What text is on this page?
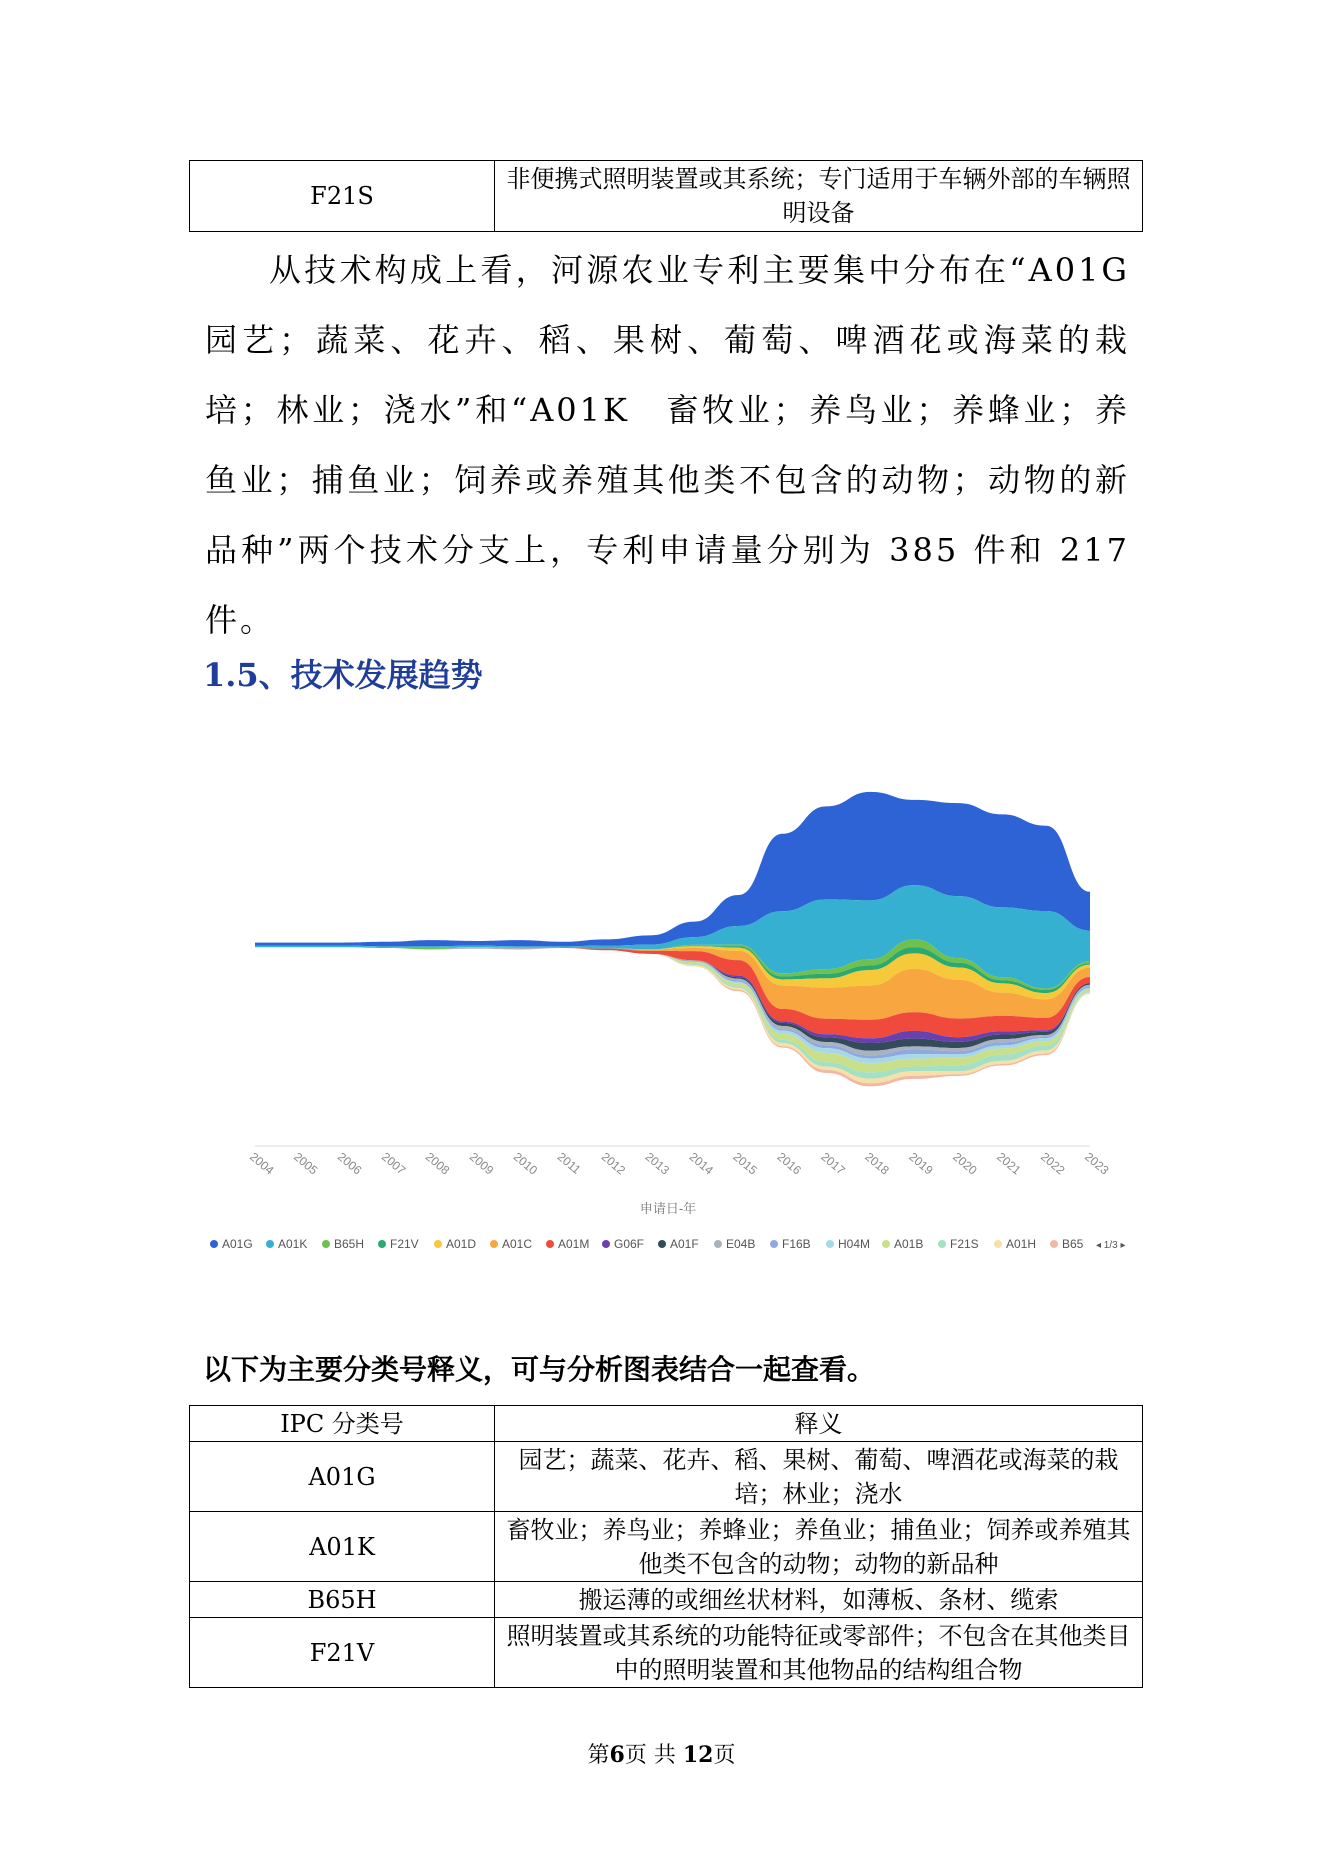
F21S	非便携式照明装置或其系统；专门适用于车辆外部的车辆照明设备

从技术构成上看，河源农业专利主要集中分布在“A01G 园艺；蔬菜、花卉、稻、果树、葡萄、啤酒花或海菜的栽培；林业；浇水”和“A01K　畜牧业；养鸟业；养蜂业；养鱼业；捕鱼业；饲养或养殖其他类不包含的动物；动物的新品种”两个技术分支上，专利申请量分别为 385 件和 217 件。

1.5、技术发展趋势
2004 2005 2006 2007 2008 2009 2010 2011 2012 2013 2014 2015 2016 2017 2018 2019 2020 2021 2022 2023
申请日-年
A01G A01K B65H F21V A01D A01C A01M G06F A01F E04B F16B H04M A01B F21S A01H B65 ◂ 1/3 ▸
以下为主要分类号释义，可与分析图表结合一起查看。
IPC 分类号	释义
A01G	园艺；蔬菜、花卉、稻、果树、葡萄、啤酒花或海菜的栽培；林业；浇水
A01K	畜牧业；养鸟业；养蜂业；养鱼业；捕鱼业；饲养或养殖其他类不包含的动物；动物的新品种
B65H	搬运薄的或细丝状材料，如薄板、条材、缆索
F21V	照明装置或其系统的功能特征或零部件；不包含在其他类目中的照明装置和其他物品的结构组合物
第6页 共 12页
